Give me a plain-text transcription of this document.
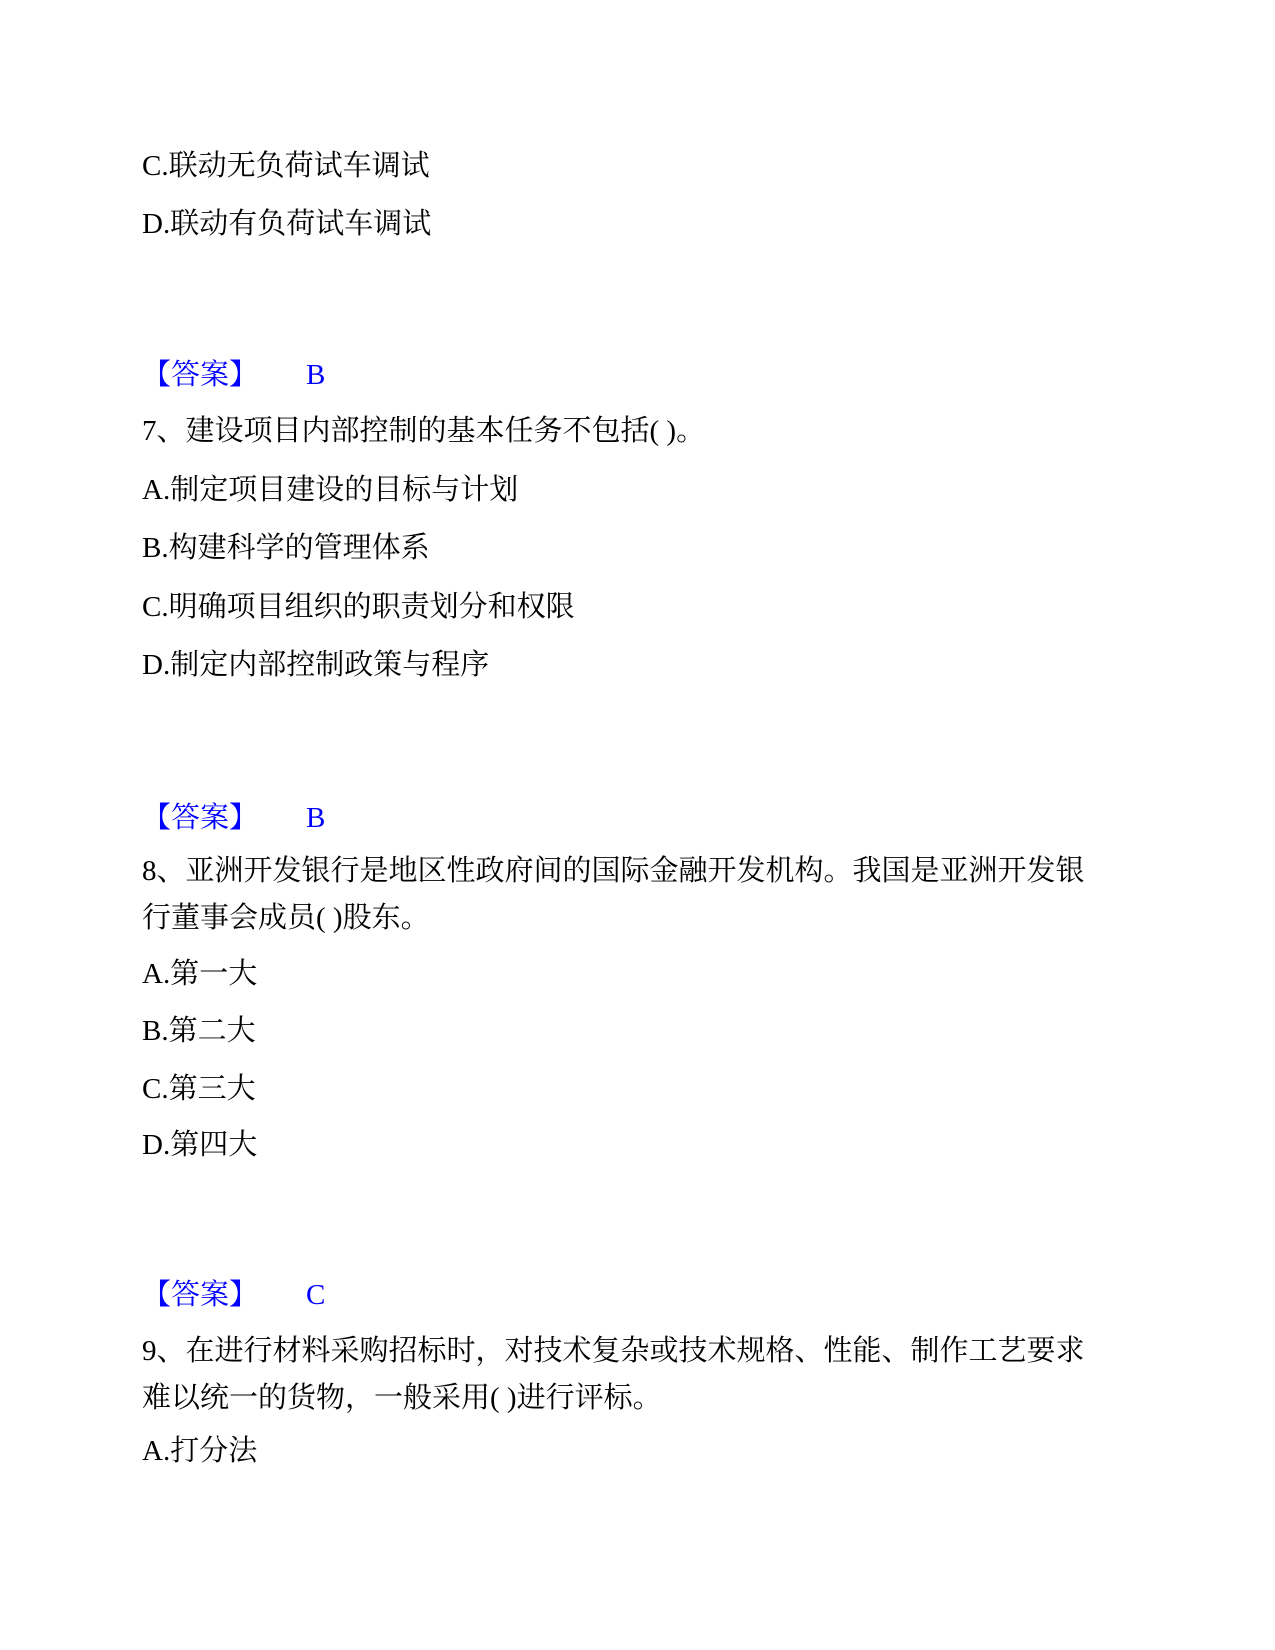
C.联动无负荷试车调试
D.联动有负荷试车调试
【答案】 B
7、建设项目内部控制的基本任务不包括( )。
A.制定项目建设的目标与计划
B.构建科学的管理体系
C.明确项目组织的职责划分和权限
D.制定内部控制政策与程序
【答案】 B
8、亚洲开发银行是地区性政府间的国际金融开发机构。我国是亚洲开发银行董事会成员( )股东。
A.第一大
B.第二大
C.第三大
D.第四大
【答案】 C
9、在进行材料采购招标时，对技术复杂或技术规格、性能、制作工艺要求难以统一的货物，一般采用( )进行评标。
A.打分法
